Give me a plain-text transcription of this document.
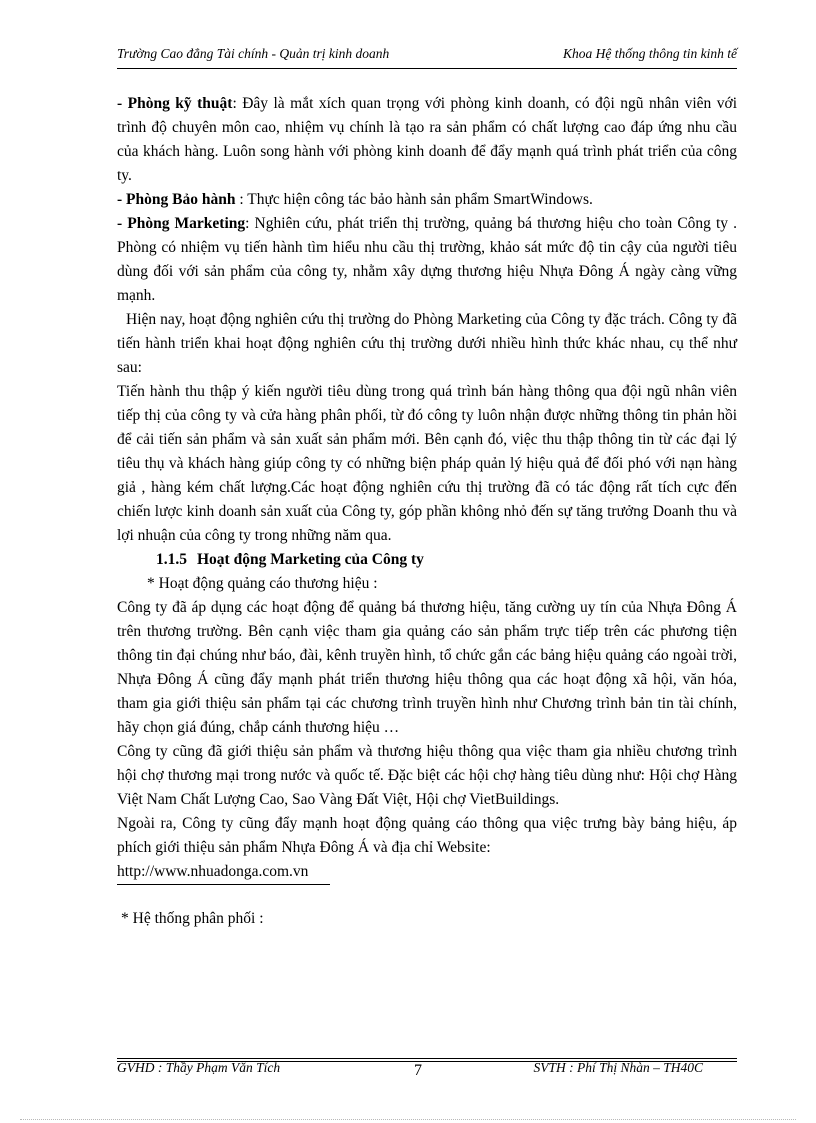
Trường Cao đẳng Tài chính - Quản trị kinh doanh	Khoa Hệ thống thông tin kinh tế

- Phòng kỹ thuật: Đây là mắt xích quan trọng với phòng kinh doanh, có đội ngũ nhân viên với trình độ chuyên môn cao, nhiệm vụ chính là tạo ra sản phẩm có chất lượng cao đáp ứng nhu cầu của khách hàng. Luôn song hành với phòng kinh doanh để đẩy mạnh quá trình phát triển của công ty.

- Phòng Bảo hành : Thực hiện công tác bảo hành sản phẩm SmartWindows.

- Phòng Marketing: Nghiên cứu, phát triển thị trường, quảng bá thương hiệu cho toàn Công ty . Phòng có nhiệm vụ tiến hành tìm hiểu nhu cầu thị trường, khảo sát mức độ tin cậy của người tiêu dùng đối với sản phẩm của công ty, nhằm xây dựng thương hiệu Nhựa Đông Á ngày càng vững mạnh.

Hiện nay, hoạt động nghiên cứu thị trường do Phòng Marketing của Công ty đặc trách. Công ty đã tiến hành triển khai hoạt động nghiên cứu thị trường dưới nhiều hình thức khác nhau, cụ thể như sau:

Tiến hành thu thập ý kiến người tiêu dùng trong quá trình bán hàng thông qua đội ngũ nhân viên tiếp thị của công ty và cửa hàng phân phối, từ đó công ty luôn nhận được những thông tin phản hồi để cải tiến sản phẩm và sản xuất sản phẩm mới. Bên cạnh đó, việc thu thập thông tin từ các đại lý tiêu thụ và khách hàng giúp công ty có những biện pháp quản lý hiệu quả để đối phó với nạn hàng giả , hàng kém chất lượng.Các hoạt động nghiên cứu thị trường đã có tác động rất tích cực đến chiến lược kinh doanh sản xuất của Công ty, góp phần không nhỏ đến sự tăng trưởng Doanh thu và lợi nhuận của công ty trong những năm qua.

1.1.5 Hoạt động Marketing của Công ty

* Hoạt động quảng cáo thương hiệu :

Công ty đã áp dụng các hoạt động để quảng bá thương hiệu, tăng cường uy tín của Nhựa Đông Á trên thương trường. Bên cạnh việc tham gia quảng cáo sản phẩm trực tiếp trên các phương tiện thông tin đại chúng như báo, đài, kênh truyền hình, tổ chức gắn các bảng hiệu quảng cáo ngoài trời, Nhựa Đông Á cũng đẩy mạnh phát triển thương hiệu thông qua các hoạt động xã hội, văn hóa, tham gia giới thiệu sản phẩm tại các chương trình truyền hình như Chương trình bản tin tài chính, hãy chọn giá đúng, chắp cánh thương hiệu …

Công ty cũng đã giới thiệu sản phẩm và thương hiệu thông qua việc tham gia nhiều chương trình hội chợ thương mại trong nước và quốc tế. Đặc biệt các hội chợ hàng tiêu dùng như: Hội chợ Hàng Việt Nam Chất Lượng Cao, Sao Vàng Đất Việt, Hội chợ VietBuildings.

Ngoài ra, Công ty cũng đẩy mạnh hoạt động quảng cáo thông qua việc trưng bày bảng hiệu, áp phích giới thiệu sản phẩm Nhựa Đông Á và địa chỉ Website:

http://www.nhuadonga.com.vn

* Hệ thống phân phối :

GVHD : Thầy Phạm Văn Tích	7	SVTH : Phí Thị Nhàn – TH40C
